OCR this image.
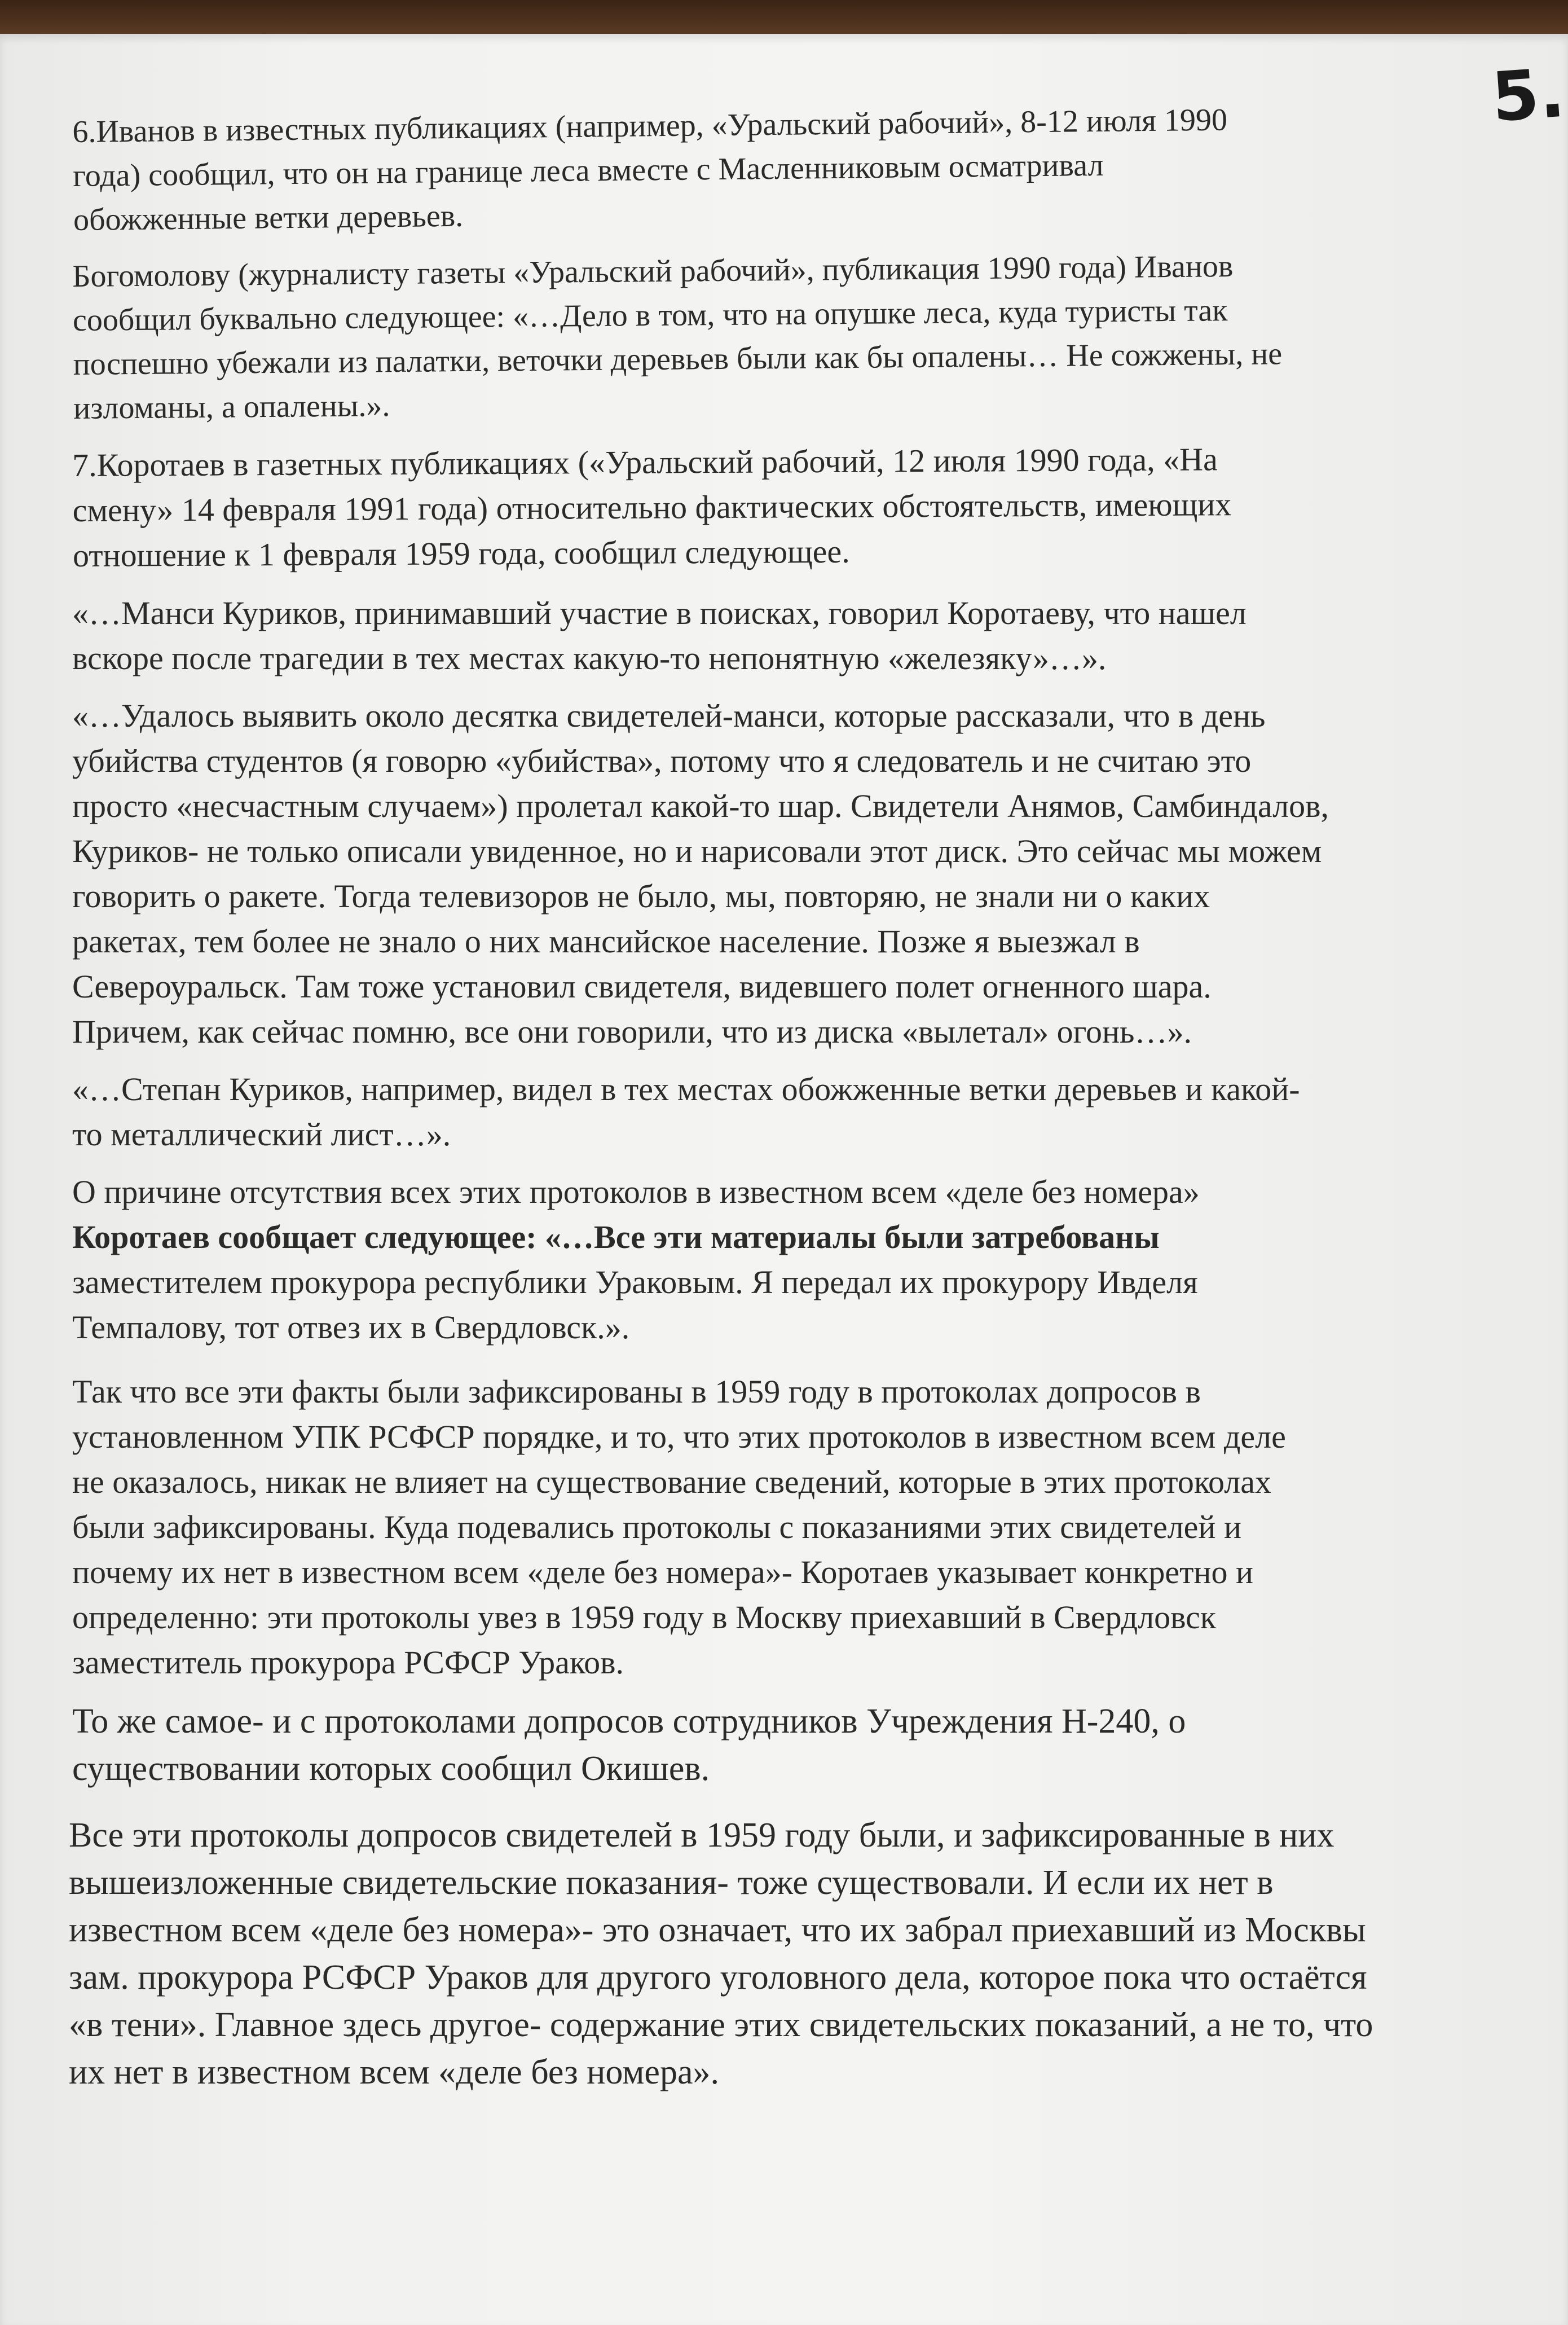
5.
6.Иванов в известных публикациях (например, «Уральский рабочий», 8-12 июля 1990
года) сообщил, что он на границе леса вместе с Масленниковым осматривал
обожженные ветки деревьев.
Богомолову (журналисту газеты «Уральский рабочий», публикация 1990 года) Иванов
сообщил буквально следующее: «…Дело в том, что на опушке леса, куда туристы так
поспешно убежали из палатки, веточки деревьев были как бы опалены… Не сожжены, не
изломаны, а опалены.».
7.Коротаев в газетных публикациях («Уральский рабочий, 12 июля 1990 года, «На
смену» 14 февраля 1991 года) относительно фактических обстоятельств, имеющих
отношение к 1 февраля 1959 года, сообщил следующее.
«…Манси Куриков, принимавший участие в поисках, говорил Коротаеву, что нашел
вскоре после трагедии в тех местах какую-то непонятную «железяку»…».
«…Удалось выявить около десятка свидетелей-манси, которые рассказали, что в день
убийства студентов (я говорю «убийства», потому что я следователь и не считаю это
просто «несчастным случаем») пролетал какой-то шар. Свидетели Анямов, Самбиндалов,
Куриков- не только описали увиденное, но и нарисовали этот диск. Это сейчас мы можем
говорить о ракете. Тогда телевизоров не было, мы, повторяю, не знали ни о каких
ракетах, тем более не знало о них мансийское население. Позже я выезжал в
Североуральск. Там тоже установил свидетеля, видевшего полет огненного шара.
Причем, как сейчас помню, все они говорили, что из диска «вылетал» огонь…».
«…Степан Куриков, например, видел в тех местах обожженные ветки деревьев и какой-
то металлический лист…».
О причине отсутствия всех этих протоколов в известном всем «деле без номера»
Коротаев сообщает следующее: «…Все эти материалы были затребованы
заместителем прокурора республики Ураковым. Я передал их прокурору Ивделя
Темпалову, тот отвез их в Свердловск.».
Так что все эти факты были зафиксированы в 1959 году в протоколах допросов в
установленном УПК РСФСР порядке, и то, что этих протоколов в известном всем деле
не оказалось, никак не влияет на существование сведений, которые в этих протоколах
были зафиксированы. Куда подевались протоколы с показаниями этих свидетелей и
почему их нет в известном всем «деле без номера»- Коротаев указывает конкретно и
определенно: эти протоколы увез в 1959 году в Москву приехавший в Свердловск
заместитель прокурора РСФСР Ураков.
То же самое- и с протоколами допросов сотрудников Учреждения Н-240, о
существовании которых сообщил Окишев.
Все эти протоколы допросов свидетелей в 1959 году были, и зафиксированные в них
вышеизложенные свидетельские показания- тоже существовали. И если их нет в
известном всем «деле без номера»- это означает, что их забрал приехавший из Москвы
зам. прокурора РСФСР Ураков для другого уголовного дела, которое пока что остаётся
«в тени». Главное здесь другое- содержание этих свидетельских показаний, а не то, что
их нет в известном всем «деле без номера».
